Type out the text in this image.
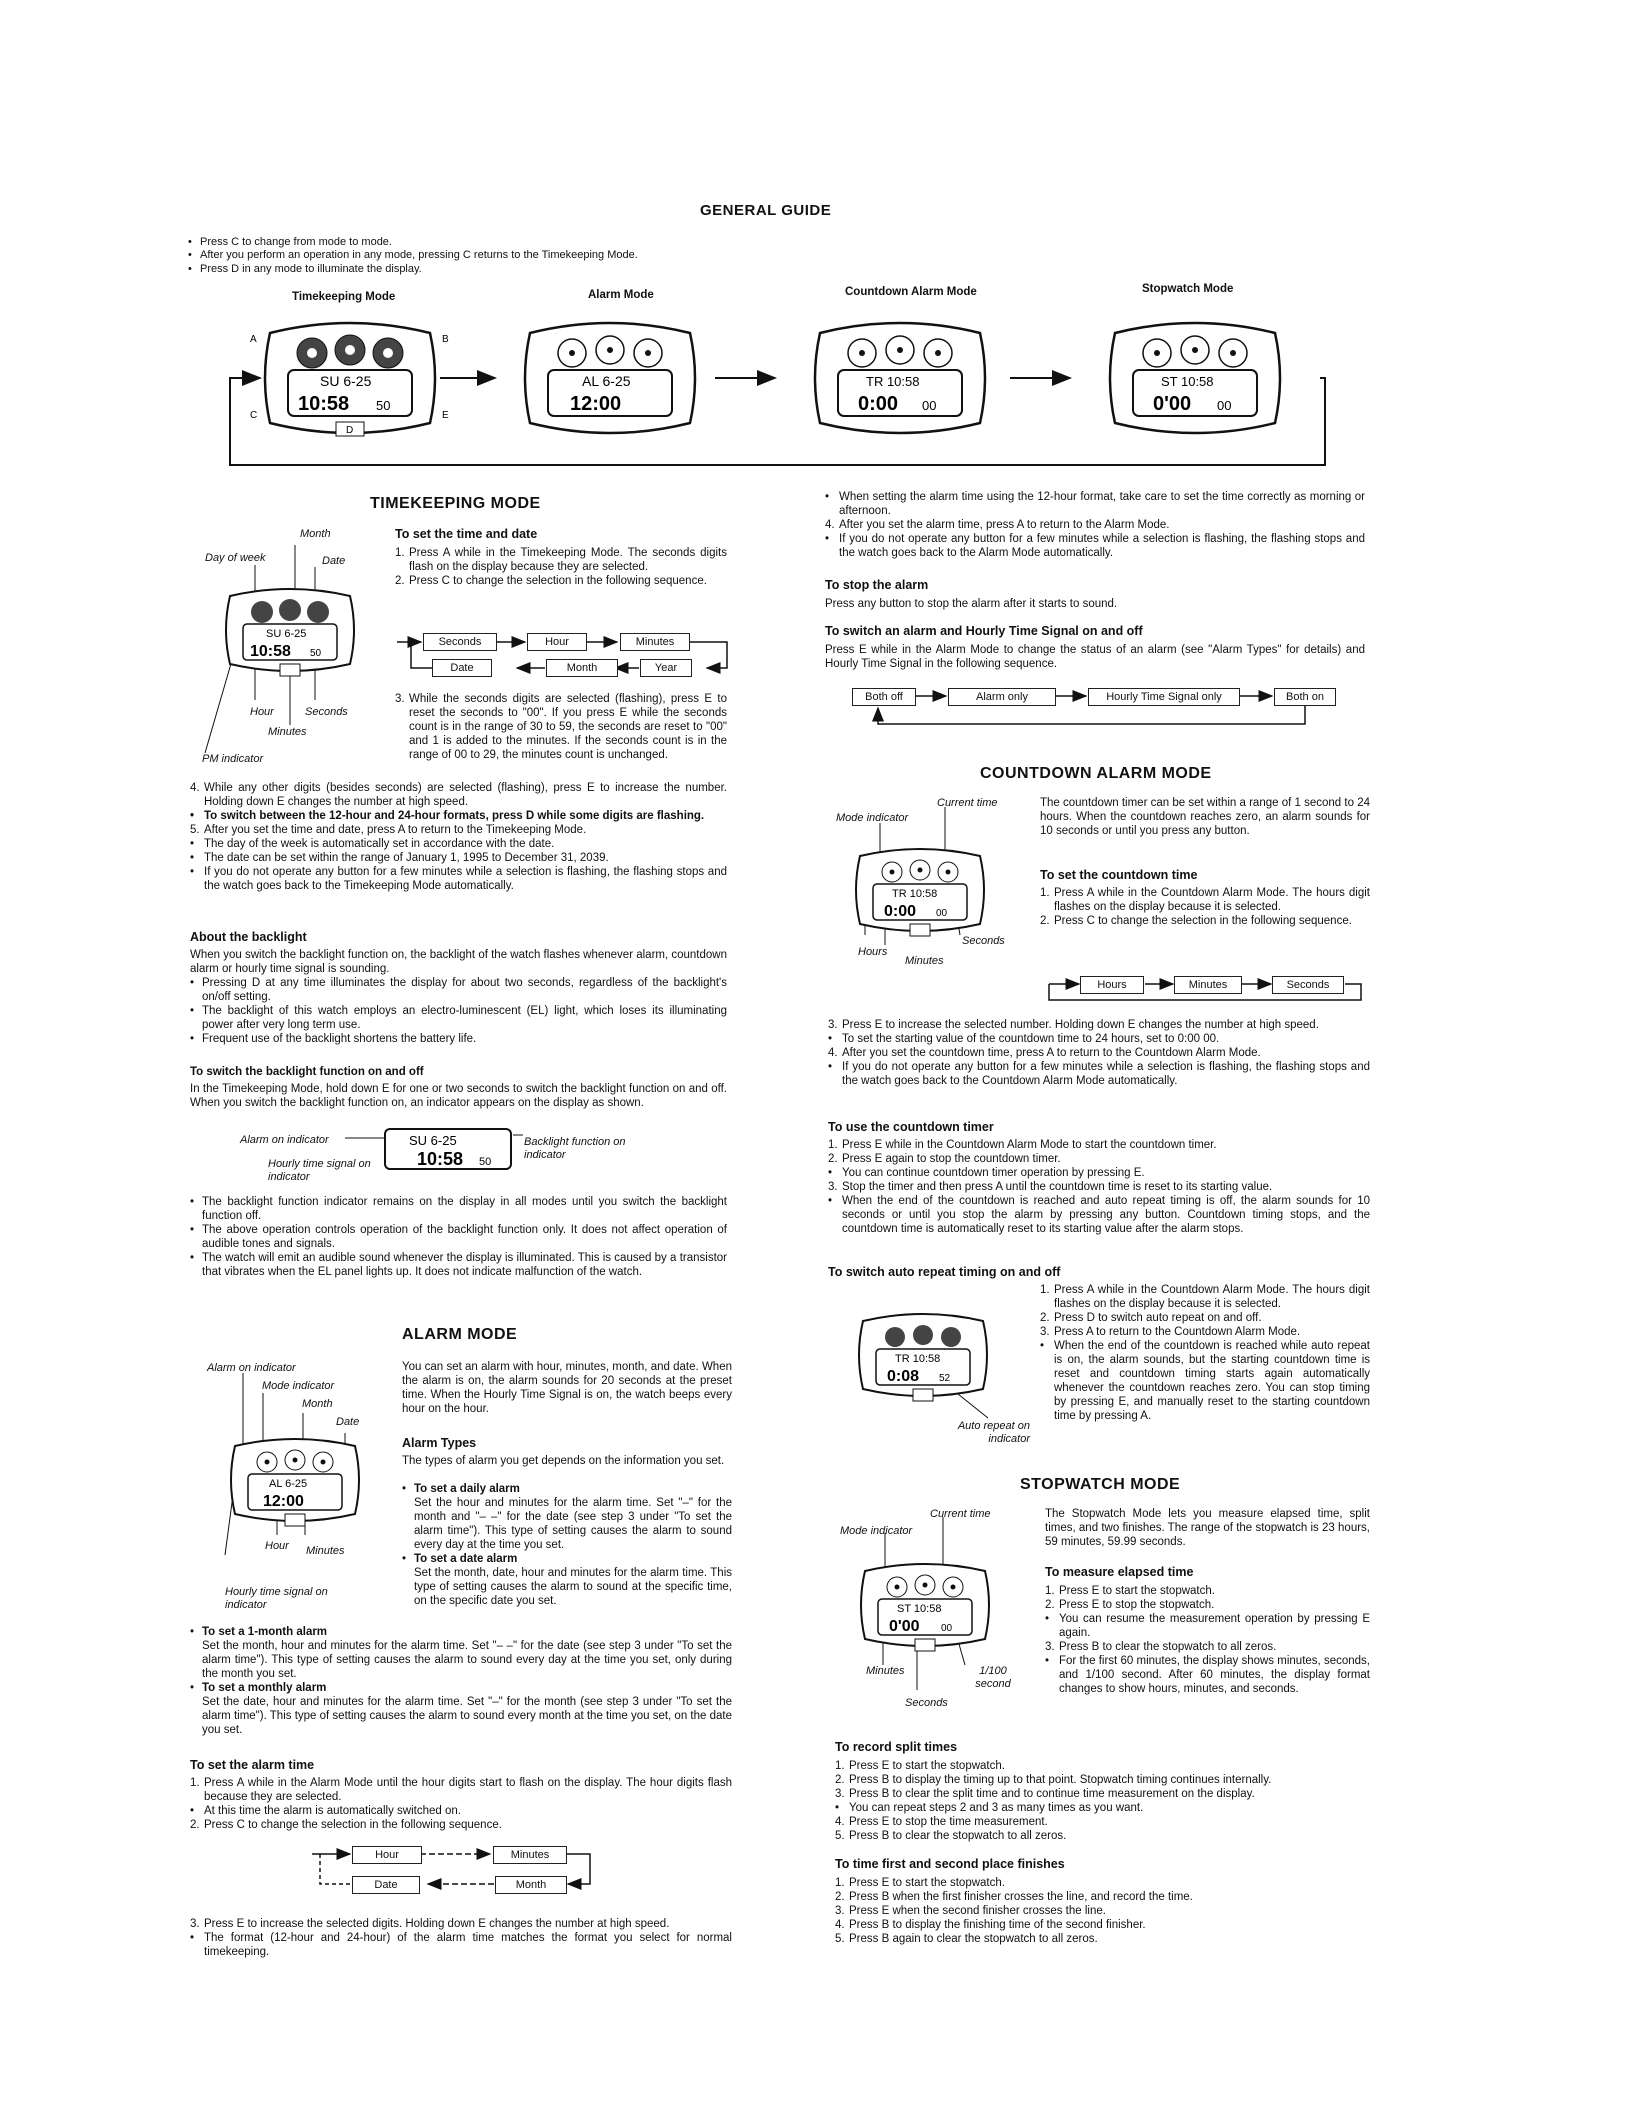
GENERAL GUIDE
• Press C to change from mode to mode.
• After you perform an operation in any mode, pressing C returns to the Timekeeping Mode.
• Press D in any mode to illuminate the display.
Timekeeping Mode	Alarm Mode	Countdown Alarm Mode	Stopwatch Mode
SU 6-25
10:58 50
D
A	B
C	E
AL 6-25
12:00
TR 10:58
0:00 00
ST 10:58
0'00 00
TIMEKEEPING MODE
SU 6-25
10:58 50
Month
Day of week	Date
Hour	Seconds
Minutes
PM indicator
To set the time and date
1. Press A while in the Timekeeping Mode. The seconds digits flash on the display because they are selected.
2. Press C to change the selection in the following sequence.
Seconds	Hour	Minutes
Year
Month
Date
3. While the seconds digits are selected (flashing), press E to reset the seconds to "00". If you press E while the seconds count is in the range of 30 to 59, the seconds are reset to "00" and 1 is added to the minutes. If the seconds count is in the range of 00 to 29, the minutes count is unchanged.
4. While any other digits (besides seconds) are selected (flashing), press E to increase the number. Holding down E changes the number at high speed.
• To switch between the 12-hour and 24-hour formats, press D while some digits are flashing.
5. After you set the time and date, press A to return to the Timekeeping Mode.
• The day of the week is automatically set in accordance with the date.
• The date can be set within the range of January 1, 1995 to December 31, 2039.
• If you do not operate any button for a few minutes while a selection is flashing, the flashing stops and the watch goes back to the Timekeeping Mode automatically.
About the backlight
When you switch the backlight function on, the backlight of the watch flashes whenever alarm, countdown alarm or hourly time signal is sounding.
• Pressing D at any time illuminates the display for about two seconds, regardless of the backlight's on/off setting.
• The backlight of this watch employs an electro-luminescent (EL) light, which loses its illuminating power after very long term use.
• Frequent use of the backlight shortens the battery life.
To switch the backlight function on and off
In the Timekeeping Mode, hold down E for one or two seconds to switch the backlight function on and off. When you switch the backlight function on, an indicator appears on the display as shown.
Alarm on indicator
Hourly time signal on indicator
Backlight function on indicator
SU 6-25
10:58 50
• The backlight function indicator remains on the display in all modes until you switch the backlight function off.
• The above operation controls operation of the backlight function only. It does not affect operation of audible tones and signals.
• The watch will emit an audible sound whenever the display is illuminated. This is caused by a transistor that vibrates when the EL panel lights up. It does not indicate malfunction of the watch.
ALARM MODE
AL 6-25
12:00
Alarm on indicator
Mode indicator
Month
Date
Hour Minutes
Hourly time signal on indicator
You can set an alarm with hour, minutes, month, and date. When the alarm is on, the alarm sounds for 20 seconds at the preset time. When the Hourly Time Signal is on, the watch beeps every hour on the hour.
Alarm Types
The types of alarm you get depends on the information you set.
• To set a daily alarm
Set the hour and minutes for the alarm time. Set "–" for the month and "– –" for the date (see step 3 under "To set the alarm time"). This type of setting causes the alarm to sound every day at the time you set.
• To set a date alarm
Set the month, date, hour and minutes for the alarm time. This type of setting causes the alarm to sound at the specific time, on the specific date you set.
• To set a 1-month alarm
Set the month, hour and minutes for the alarm time. Set "– –" for the date (see step 3 under "To set the alarm time"). This type of setting causes the alarm to sound every day at the time you set, only during the month you set.
• To set a monthly alarm
Set the date, hour and minutes for the alarm time. Set "–" for the month (see step 3 under "To set the alarm time"). This type of setting causes the alarm to sound every month at the time you set, on the date you set.
To set the alarm time
1. Press A while in the Alarm Mode until the hour digits start to flash on the display. The hour digits flash because they are selected.
• At this time the alarm is automatically switched on.
2. Press C to change the selection in the following sequence.
Hour	Minutes
Month
Date
3. Press E to increase the selected digits. Holding down E changes the number at high speed.
• The format (12-hour and 24-hour) of the alarm time matches the format you select for normal timekeeping.
• When setting the alarm time using the 12-hour format, take care to set the time correctly as morning or afternoon.
4. After you set the alarm time, press A to return to the Alarm Mode.
• If you do not operate any button for a few minutes while a selection is flashing, the flashing stops and the watch goes back to the Alarm Mode automatically.
To stop the alarm
Press any button to stop the alarm after it starts to sound.
To switch an alarm and Hourly Time Signal on and off
Press E while in the Alarm Mode to change the status of an alarm (see "Alarm Types" for details) and Hourly Time Signal in the following sequence.
Both off	Alarm only	Hourly Time Signal only	Both on
COUNTDOWN ALARM MODE
TR 10:58
0:00 00
Current time
Mode indicator
Hours
Minutes
Seconds
The countdown timer can be set within a range of 1 second to 24 hours. When the countdown reaches zero, an alarm sounds for 10 seconds or until you press any button.
To set the countdown time
1. Press A while in the Countdown Alarm Mode. The hours digit flashes on the display because it is selected.
2. Press C to change the selection in the following sequence.
Hours	Minutes	Seconds
3. Press E to increase the selected number. Holding down E changes the number at high speed.
• To set the starting value of the countdown time to 24 hours, set to 0:00 00.
4. After you set the countdown time, press A to return to the Countdown Alarm Mode.
• If you do not operate any button for a few minutes while a selection is flashing, the flashing stops and the watch goes back to the Countdown Alarm Mode automatically.
To use the countdown timer
1. Press E while in the Countdown Alarm Mode to start the countdown timer.
2. Press E again to stop the countdown timer.
• You can continue countdown timer operation by pressing E.
3. Stop the timer and then press A until the countdown time is reset to its starting value.
• When the end of the countdown is reached and auto repeat timing is off, the alarm sounds for 10 seconds or until you stop the alarm by pressing any button. Countdown timing stops, and the countdown time is automatically reset to its starting value after the alarm stops.
To switch auto repeat timing on and off
TR 10:58
0:08 52
Auto repeat on indicator
1. Press A while in the Countdown Alarm Mode. The hours digit flashes on the display because it is selected.
2. Press D to switch auto repeat on and off.
3. Press A to return to the Countdown Alarm Mode.
• When the end of the countdown is reached while auto repeat is on, the alarm sounds, but the starting countdown time is reset and countdown timing starts again automatically whenever the countdown reaches zero. You can stop timing by pressing E, and manually reset to the starting countdown time by pressing A.
STOPWATCH MODE
ST 10:58
0'00 00
Current time
Mode indicator
Minutes	1/100 second
Seconds
The Stopwatch Mode lets you measure elapsed time, split times, and two finishes. The range of the stopwatch is 23 hours, 59 minutes, 59.99 seconds.
To measure elapsed time
1. Press E to start the stopwatch.
2. Press E to stop the stopwatch.
• You can resume the measurement operation by pressing E again.
3. Press B to clear the stopwatch to all zeros.
• For the first 60 minutes, the display shows minutes, seconds, and 1/100 second. After 60 minutes, the display format changes to show hours, minutes, and seconds.
To record split times
1. Press E to start the stopwatch.
2. Press B to display the timing up to that point. Stopwatch timing continues internally.
3. Press B to clear the split time and to continue time measurement on the display.
• You can repeat steps 2 and 3 as many times as you want.
4. Press E to stop the time measurement.
5. Press B to clear the stopwatch to all zeros.
To time first and second place finishes
1. Press E to start the stopwatch.
2. Press B when the first finisher crosses the line, and record the time.
3. Press E when the second finisher crosses the line.
4. Press B to display the finishing time of the second finisher.
5. Press B again to clear the stopwatch to all zeros.
